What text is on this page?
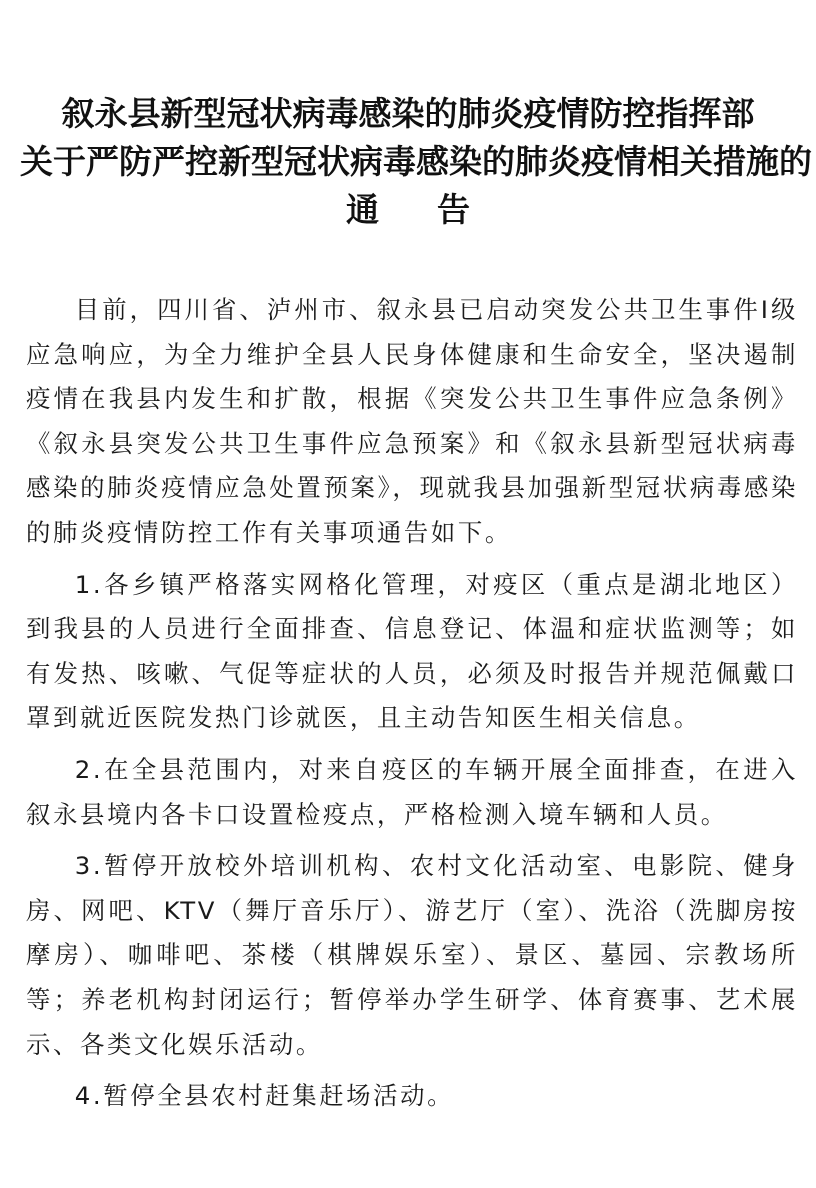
叙永县新型冠状病毒感染的肺炎疫情防控指挥部
关于严防严控新型冠状病毒感染的肺炎疫情相关措施的
通告

目前，四川省、泸州市、叙永县已启动突发公共卫生事件Ⅰ级应急响应，为全力维护全县人民身体健康和生命安全，坚决遏制疫情在我县内发生和扩散，根据《突发公共卫生事件应急条例》《叙永县突发公共卫生事件应急预案》和《叙永县新型冠状病毒感染的肺炎疫情应急处置预案》，现就我县加强新型冠状病毒感染的肺炎疫情防控工作有关事项通告如下。

1.各乡镇严格落实网格化管理，对疫区（重点是湖北地区）到我县的人员进行全面排查、信息登记、体温和症状监测等；如有发热、咳嗽、气促等症状的人员，必须及时报告并规范佩戴口罩到就近医院发热门诊就医，且主动告知医生相关信息。

2.在全县范围内，对来自疫区的车辆开展全面排查，在进入叙永县境内各卡口设置检疫点，严格检测入境车辆和人员。

3.暂停开放校外培训机构、农村文化活动室、电影院、健身房、网吧、KTV（舞厅音乐厅）、游艺厅（室）、洗浴（洗脚房按摩房）、咖啡吧、茶楼（棋牌娱乐室）、景区、墓园、宗教场所等；养老机构封闭运行；暂停举办学生研学、体育赛事、艺术展示、各类文化娱乐活动。

4.暂停全县农村赶集赶场活动。
